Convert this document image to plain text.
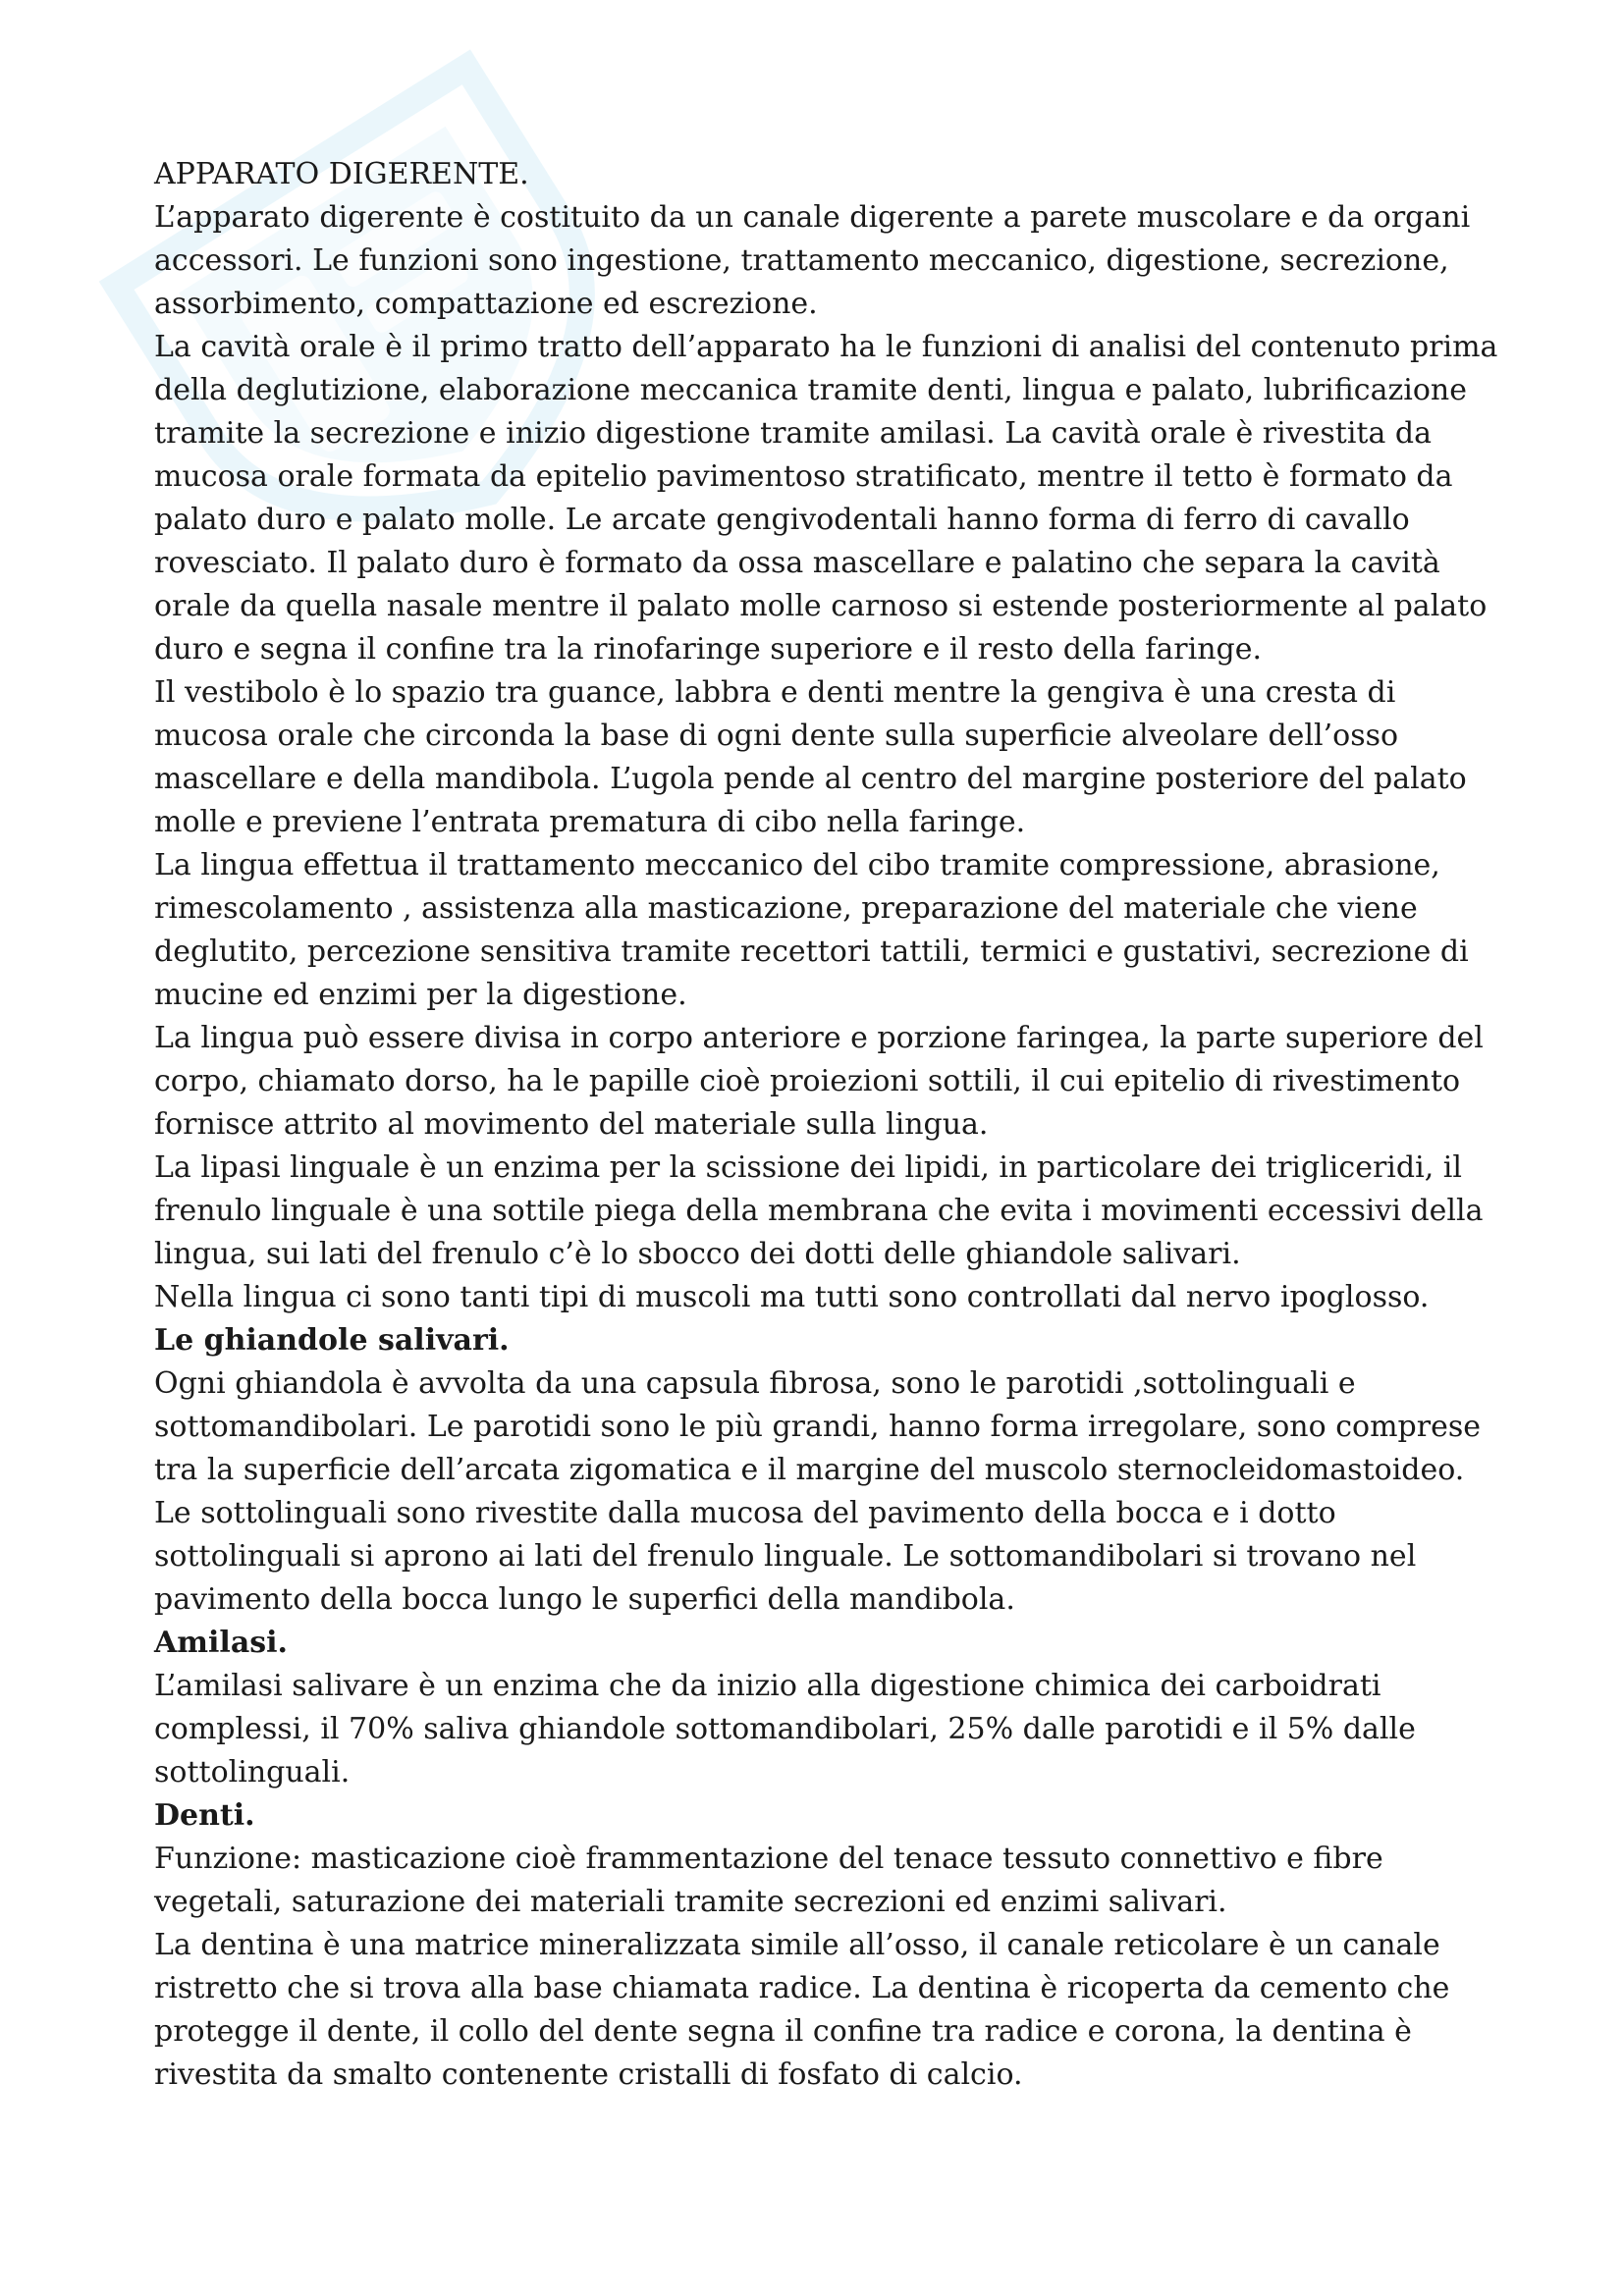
APPARATO DIGERENTE.

L’apparato digerente è costituito da un canale digerente a parete muscolare e da organi accessori. Le funzioni sono ingestione, trattamento meccanico, digestione, secrezione, assorbimento, compattazione ed escrezione.

La cavità orale è il primo tratto dell’apparato ha le funzioni di analisi del contenuto prima della deglutizione, elaborazione meccanica tramite denti, lingua e palato, lubrificazione tramite la secrezione e inizio digestione tramite amilasi. La cavità orale è rivestita da mucosa orale formata da epitelio pavimentoso stratificato, mentre il tetto è formato da palato duro e palato molle. Le arcate gengivodentali hanno forma di ferro di cavallo rovesciato. Il palato duro è formato da ossa mascellare e palatino che separa la cavità orale da quella nasale mentre il palato molle carnoso si estende posteriormente al palato duro e segna il confine tra la rinofaringe superiore e il resto della faringe.

Il vestibolo è lo spazio tra guance, labbra e denti mentre la gengiva è una cresta di mucosa orale che circonda la base di ogni dente sulla superficie alveolare dell’osso mascellare e della mandibola. L’ugola pende al centro del margine posteriore del palato molle e previene l’entrata prematura di cibo nella faringe.

La lingua effettua il trattamento meccanico del cibo tramite compressione, abrasione, rimescolamento , assistenza alla masticazione, preparazione del materiale che viene deglutito, percezione sensitiva tramite recettori tattili, termici e gustativi, secrezione di mucine ed enzimi per la digestione.

La lingua può essere divisa in corpo anteriore e porzione faringea, la parte superiore del corpo, chiamato dorso, ha le papille cioè proiezioni sottili, il cui epitelio di rivestimento fornisce attrito al movimento del materiale sulla lingua.

La lipasi linguale è un enzima per la scissione dei lipidi, in particolare dei trigliceridi, il frenulo linguale è una sottile piega della membrana che evita i movimenti eccessivi della lingua, sui lati del frenulo c’è lo sbocco dei dotti delle ghiandole salivari.

Nella lingua ci sono tanti tipi di muscoli ma tutti sono controllati dal nervo ipoglosso.

Le ghiandole salivari.

Ogni ghiandola è avvolta da una capsula fibrosa, sono le parotidi ,sottolinguali e sottomandibolari. Le parotidi sono le più grandi, hanno forma irregolare, sono comprese tra la superficie dell’arcata zigomatica e il margine del muscolo sternocleidomastoideo.

Le sottolinguali sono rivestite dalla mucosa del pavimento della bocca e i dotto sottolinguali si aprono ai lati del frenulo linguale. Le sottomandibolari si trovano nel pavimento della bocca lungo le superfici della mandibola.

Amilasi.

L’amilasi salivare è un enzima che da inizio alla digestione chimica dei carboidrati complessi, il 70% saliva ghiandole sottomandibolari, 25% dalle parotidi e il 5% dalle sottolinguali.

Denti.

Funzione: masticazione cioè frammentazione del tenace tessuto connettivo e fibre vegetali, saturazione dei materiali tramite secrezioni ed enzimi salivari.

La dentina è una matrice mineralizzata simile all’osso, il canale reticolare è un canale ristretto che si trova alla base chiamata radice. La dentina è ricoperta da cemento che protegge il dente, il collo del dente segna il confine tra radice e corona, la dentina è rivestita da smalto contenente cristalli di fosfato di calcio.
